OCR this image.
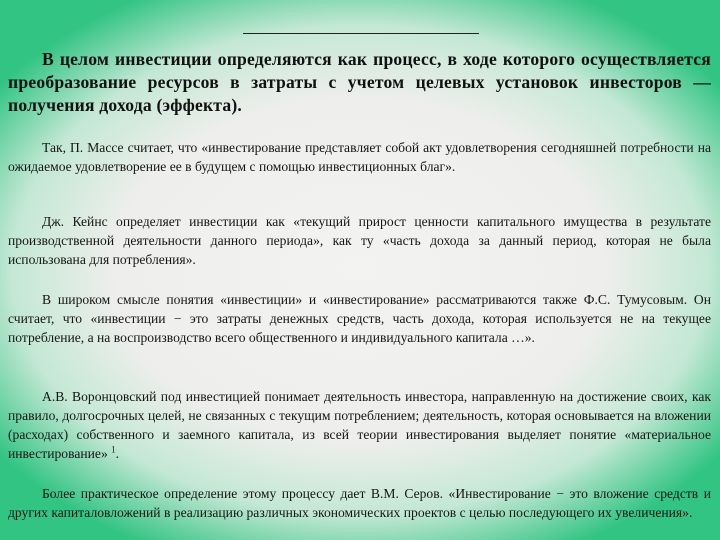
В целом инвестиции определяются как процесс, в ходе которого осуществляется преобразование ресурсов в затраты с учетом целевых установок инвесторов — получения дохода (эффекта).

Так, П. Массе считает, что «инвестирование представляет собой акт удовлетворения сегодняшней потребности на ожидаемое удовлетворение ее в будущем с помощью инвестиционных благ».

Дж. Кейнс определяет инвестиции как «текущий прирост ценности капитального имущества в результате производственной деятельности данного периода», как ту «часть дохода за данный период, которая не была использована для потребления».

В широком смысле понятия «инвестиции» и «инвестирование» рассматриваются также Ф.С. Тумусовым. Он считает, что «инвестиции − это затраты денежных средств, часть дохода, которая используется не на текущее потребление, а на воспроизводство всего общественного и индивидуального капитала …».

А.В. Воронцовский под инвестицией понимает деятельность инвестора, направленную на достижение своих, как правило, долгосрочных целей, не связанных с текущим потреблением; деятельность, которая основывается на вложении (расходах) собственного и заемного капитала, из всей теории инвестирования выделяет понятие «материальное инвестирование» $^1$.

Более практическое определение этому процессу дает В.М. Серов. «Инвестирование − это вложение средств и других капиталовложений в реализацию различных экономических проектов с целью последующего их увеличения».
